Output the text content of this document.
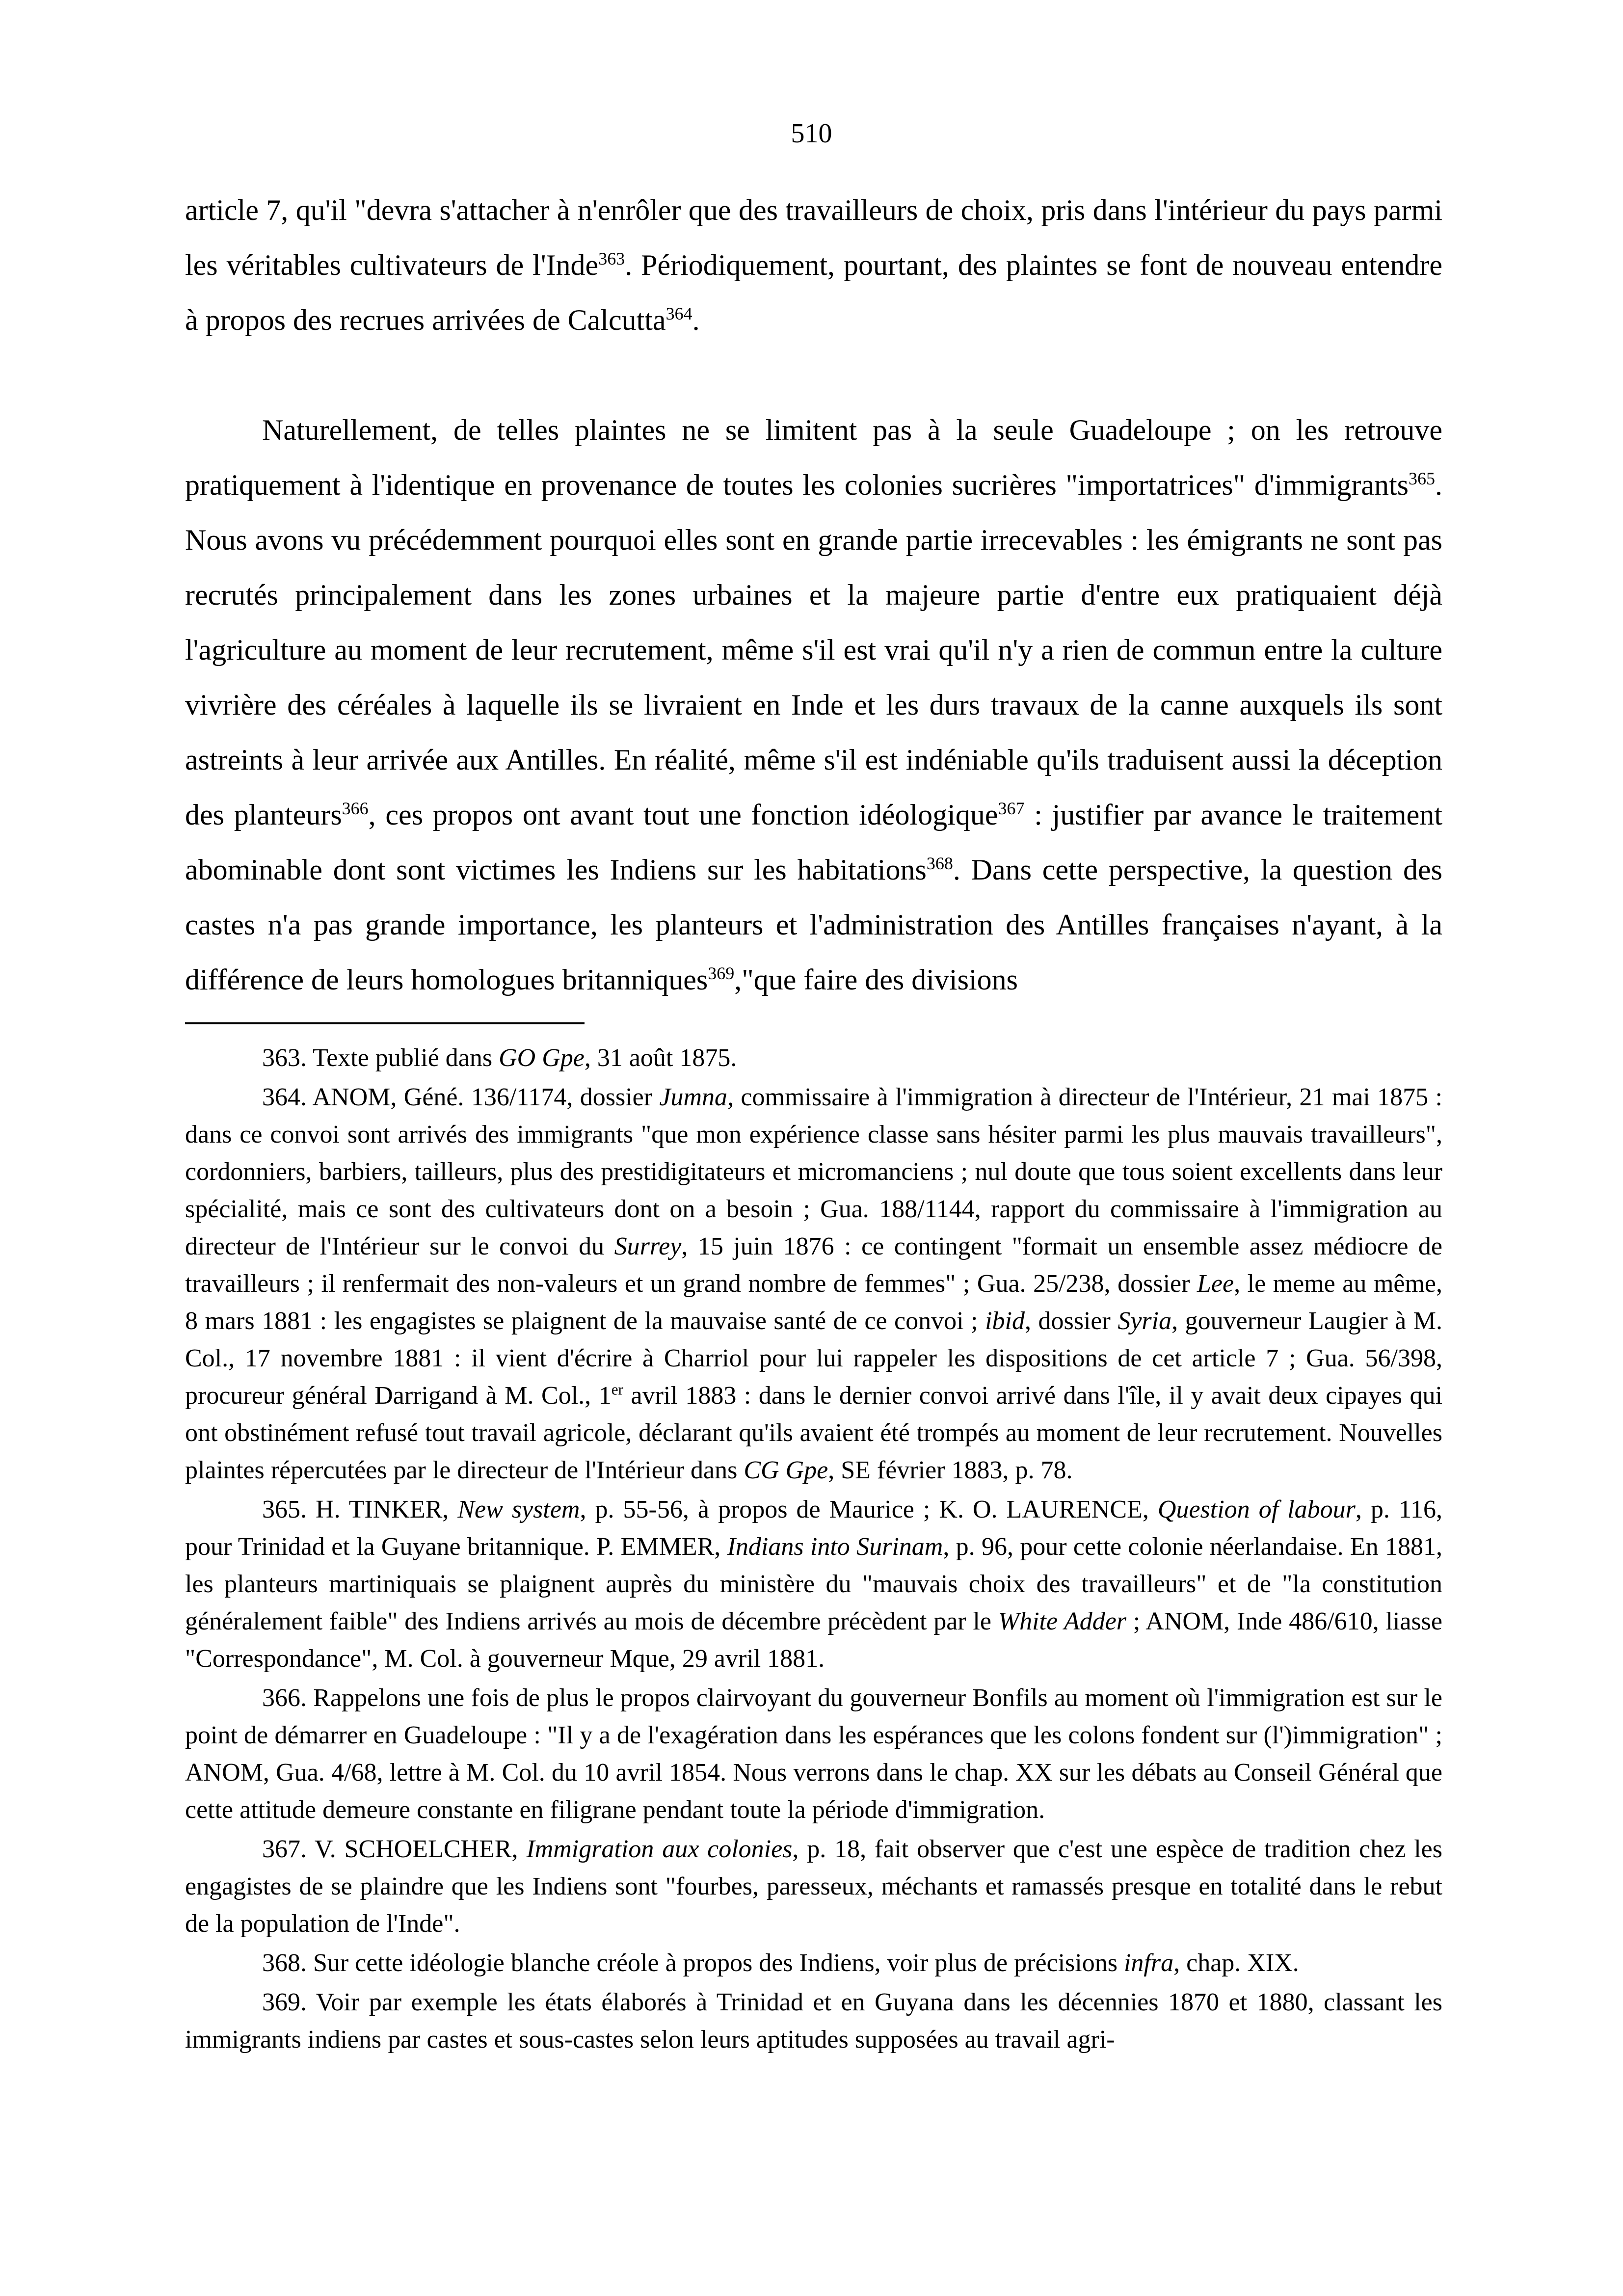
510

article 7, qu'il "devra s'attacher à n'enrôler que des travailleurs de choix, pris dans l'intérieur du pays parmi les véritables cultivateurs de l'Inde$^{363}$. Périodiquement, pourtant, des plaintes se font de nouveau entendre à propos des recrues arrivées de Calcutta$^{364}$.

Naturellement, de telles plaintes ne se limitent pas à la seule Guadeloupe ; on les retrouve pratiquement à l'identique en provenance de toutes les colonies sucrières "importatrices" d'immigrants$^{365}$. Nous avons vu précédemment pourquoi elles sont en grande partie irrecevables : les émigrants ne sont pas recrutés principalement dans les zones urbaines et la majeure partie d'entre eux pratiquaient déjà l'agriculture au moment de leur recrutement, même s'il est vrai qu'il n'y a rien de commun entre la culture vivrière des céréales à laquelle ils se livraient en Inde et les durs travaux de la canne auxquels ils sont astreints à leur arrivée aux Antilles. En réalité, même s'il est indéniable qu'ils traduisent aussi la déception des planteurs$^{366}$, ces propos ont avant tout une fonction idéologique$^{367}$ : justifier par avance le traitement abominable dont sont victimes les Indiens sur les habitations$^{368}$. Dans cette perspective, la question des castes n'a pas grande importance, les planteurs et l'administration des Antilles françaises n'ayant, à la différence de leurs homologues britanniques$^{369}$,"que faire des divisions

363. Texte publié dans GO Gpe, 31 août 1875.

364. ANOM, Géné. 136/1174, dossier Jumna, commissaire à l'immigration à directeur de l'Intérieur, 21 mai 1875 : dans ce convoi sont arrivés des immigrants "que mon expérience classe sans hésiter parmi les plus mauvais travailleurs", cordonniers, barbiers, tailleurs, plus des prestidigitateurs et micromanciens ; nul doute que tous soient excellents dans leur spécialité, mais ce sont des cultivateurs dont on a besoin ; Gua. 188/1144, rapport du commissaire à l'immigration au directeur de l'Intérieur sur le convoi du Surrey, 15 juin 1876 : ce contingent "formait un ensemble assez médiocre de travailleurs ; il renfermait des non-valeurs et un grand nombre de femmes" ; Gua. 25/238, dossier Lee, le meme au même, 8 mars 1881 : les engagistes se plaignent de la mauvaise santé de ce convoi ; ibid, dossier Syria, gouverneur Laugier à M. Col., 17 novembre 1881 : il vient d'écrire à Charriol pour lui rappeler les dispositions de cet article 7 ; Gua. 56/398, procureur général Darrigand à M. Col., 1er avril 1883 : dans le dernier convoi arrivé dans l'île, il y avait deux cipayes qui ont obstinément refusé tout travail agricole, déclarant qu'ils avaient été trompés au moment de leur recrutement. Nouvelles plaintes répercutées par le directeur de l'Intérieur dans CG Gpe, SE février 1883, p. 78.

365. H. TINKER, New system, p. 55-56, à propos de Maurice ; K. O. LAURENCE, Question of labour, p. 116, pour Trinidad et la Guyane britannique. P. EMMER, Indians into Surinam, p. 96, pour cette colonie néerlandaise. En 1881, les planteurs martiniquais se plaignent auprès du ministère du "mauvais choix des travailleurs" et de "la constitution généralement faible" des Indiens arrivés au mois de décembre précèdent par le White Adder ; ANOM, Inde 486/610, liasse "Correspondance", M. Col. à gouverneur Mque, 29 avril 1881.

366. Rappelons une fois de plus le propos clairvoyant du gouverneur Bonfils au moment où l'immigration est sur le point de démarrer en Guadeloupe : "Il y a de l'exagération dans les espérances que les colons fondent sur (l')immigration" ; ANOM, Gua. 4/68, lettre à M. Col. du 10 avril 1854. Nous verrons dans le chap. XX sur les débats au Conseil Général que cette attitude demeure constante en filigrane pendant toute la période d'immigration.

367. V. SCHOELCHER, Immigration aux colonies, p. 18, fait observer que c'est une espèce de tradition chez les engagistes de se plaindre que les Indiens sont "fourbes, paresseux, méchants et ramassés presque en totalité dans le rebut de la population de l'Inde".

368. Sur cette idéologie blanche créole à propos des Indiens, voir plus de précisions infra, chap. XIX.

369. Voir par exemple les états élaborés à Trinidad et en Guyana dans les décennies 1870 et 1880, classant les immigrants indiens par castes et sous-castes selon leurs aptitudes supposées au travail agri-
